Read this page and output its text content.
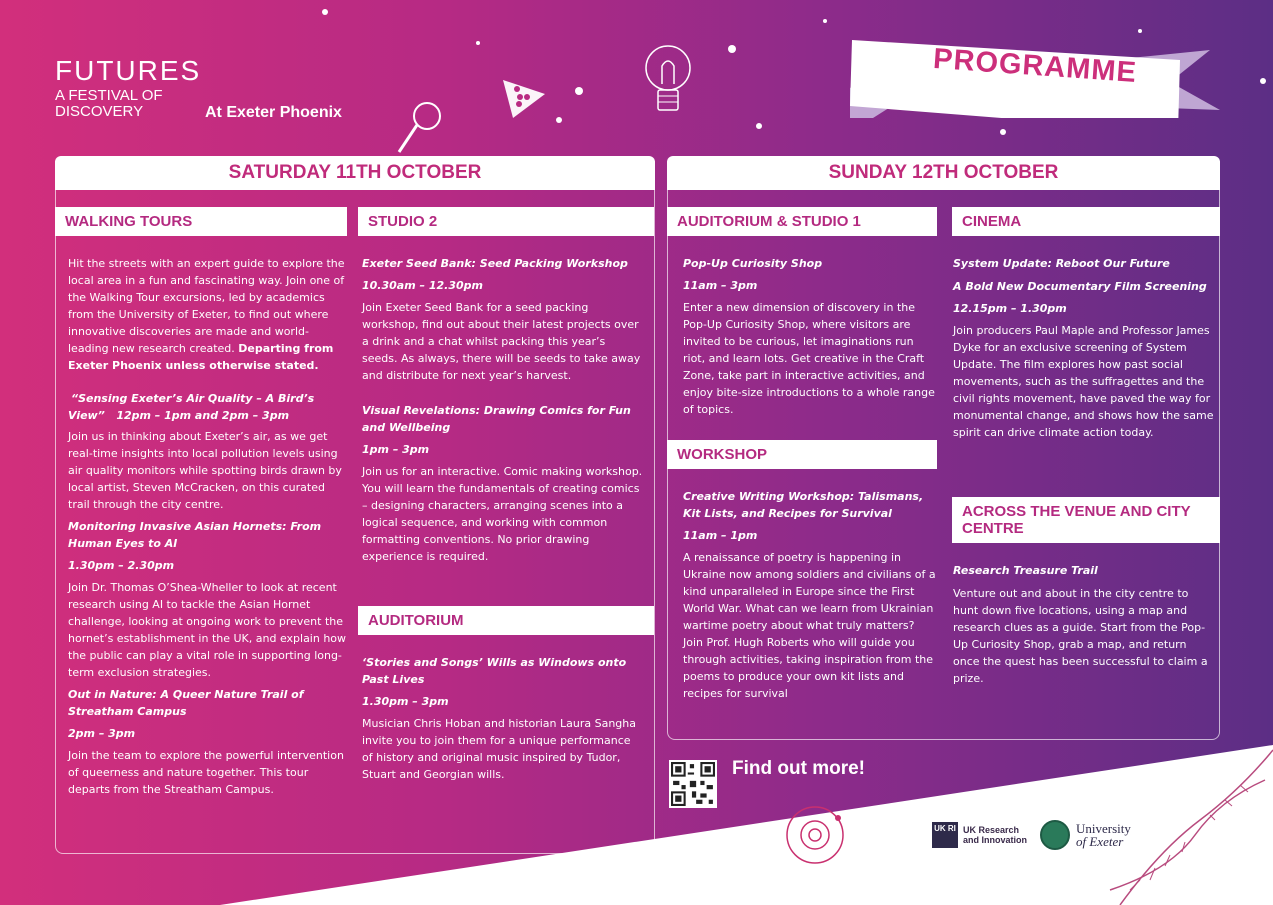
FUTURES
A FESTIVAL OF DISCOVERY	At Exeter Phoenix
PROGRAMME
SATURDAY 11TH OCTOBER
WALKING TOURS

Hit the streets with an expert guide to explore the local area in a fun and fascinating way. Join one of the Walking Tour excursions, led by academics from the University of Exeter, to find out where innovative discoveries are made and world-leading new research created. Departing from Exeter Phoenix unless otherwise stated.

“Sensing Exeter’s Air Quality – A Bird’s View” 12pm – 1pm and 2pm – 3pm

Join us in thinking about Exeter’s air, as we get real-time insights into local pollution levels using air quality monitors while spotting birds drawn by local artist, Steven McCracken, on this curated trail through the city centre.

Monitoring Invasive Asian Hornets: From Human Eyes to AI

1.30pm – 2.30pm

Join Dr. Thomas O’Shea-Wheller to look at recent research using AI to tackle the Asian Hornet challenge, looking at ongoing work to prevent the hornet’s establishment in the UK, and explain how the public can play a vital role in supporting long-term exclusion strategies.

Out in Nature: A Queer Nature Trail of Streatham Campus

2pm – 3pm

Join the team to explore the powerful intervention of queerness and nature together. This tour departs from the Streatham Campus.

STUDIO 2

Exeter Seed Bank: Seed Packing Workshop

10.30am – 12.30pm

Join Exeter Seed Bank for a seed packing workshop, find out about their latest projects over a drink and a chat whilst packing this year’s seeds. As always, there will be seeds to take away and distribute for next year’s harvest.

Visual Revelations: Drawing Comics for Fun and Wellbeing

1pm – 3pm

Join us for an interactive. Comic making workshop. You will learn the fundamentals of creating comics – designing characters, arranging scenes into a logical sequence, and working with common formatting conventions. No prior drawing experience is required.

AUDITORIUM

‘Stories and Songs’ Wills as Windows onto Past Lives

1.30pm – 3pm

Musician Chris Hoban and historian Laura Sangha invite you to join them for a unique performance of history and original music inspired by Tudor, Stuart and Georgian wills.

SUNDAY 12TH OCTOBER
AUDITORIUM & STUDIO 1

Pop-Up Curiosity Shop

11am – 3pm

Enter a new dimension of discovery in the Pop-Up Curiosity Shop, where visitors are invited to be curious, let imaginations run riot, and learn lots. Get creative in the Craft Zone, take part in interactive activities, and enjoy bite-size introductions to a whole range of topics.

WORKSHOP

Creative Writing Workshop: Talismans, Kit Lists, and Recipes for Survival

11am – 1pm

A renaissance of poetry is happening in Ukraine now among soldiers and civilians of a kind unparalleled in Europe since the First World War. What can we learn from Ukrainian wartime poetry about what truly matters? Join Prof. Hugh Roberts who will guide you through activities, taking inspiration from the poems to produce your own kit lists and recipes for survival

CINEMA

System Update: Reboot Our Future

A Bold New Documentary Film Screening

12.15pm – 1.30pm

Join producers Paul Maple and Professor James Dyke for an exclusive screening of System Update. The film explores how past social movements, such as the suffragettes and the civil rights movement, have paved the way for monumental change, and shows how the same spirit can drive climate action today.

ACROSS THE VENUE AND CITY CENTRE

Research Treasure Trail

Venture out and about in the city centre to hunt down five locations, using a map and research clues as a guide. Start from the Pop-Up Curiosity Shop, grab a map, and return once the quest has been successful to claim a prize.

Find out more!
UK RI UK Research and Innovation
University
of Exeter
